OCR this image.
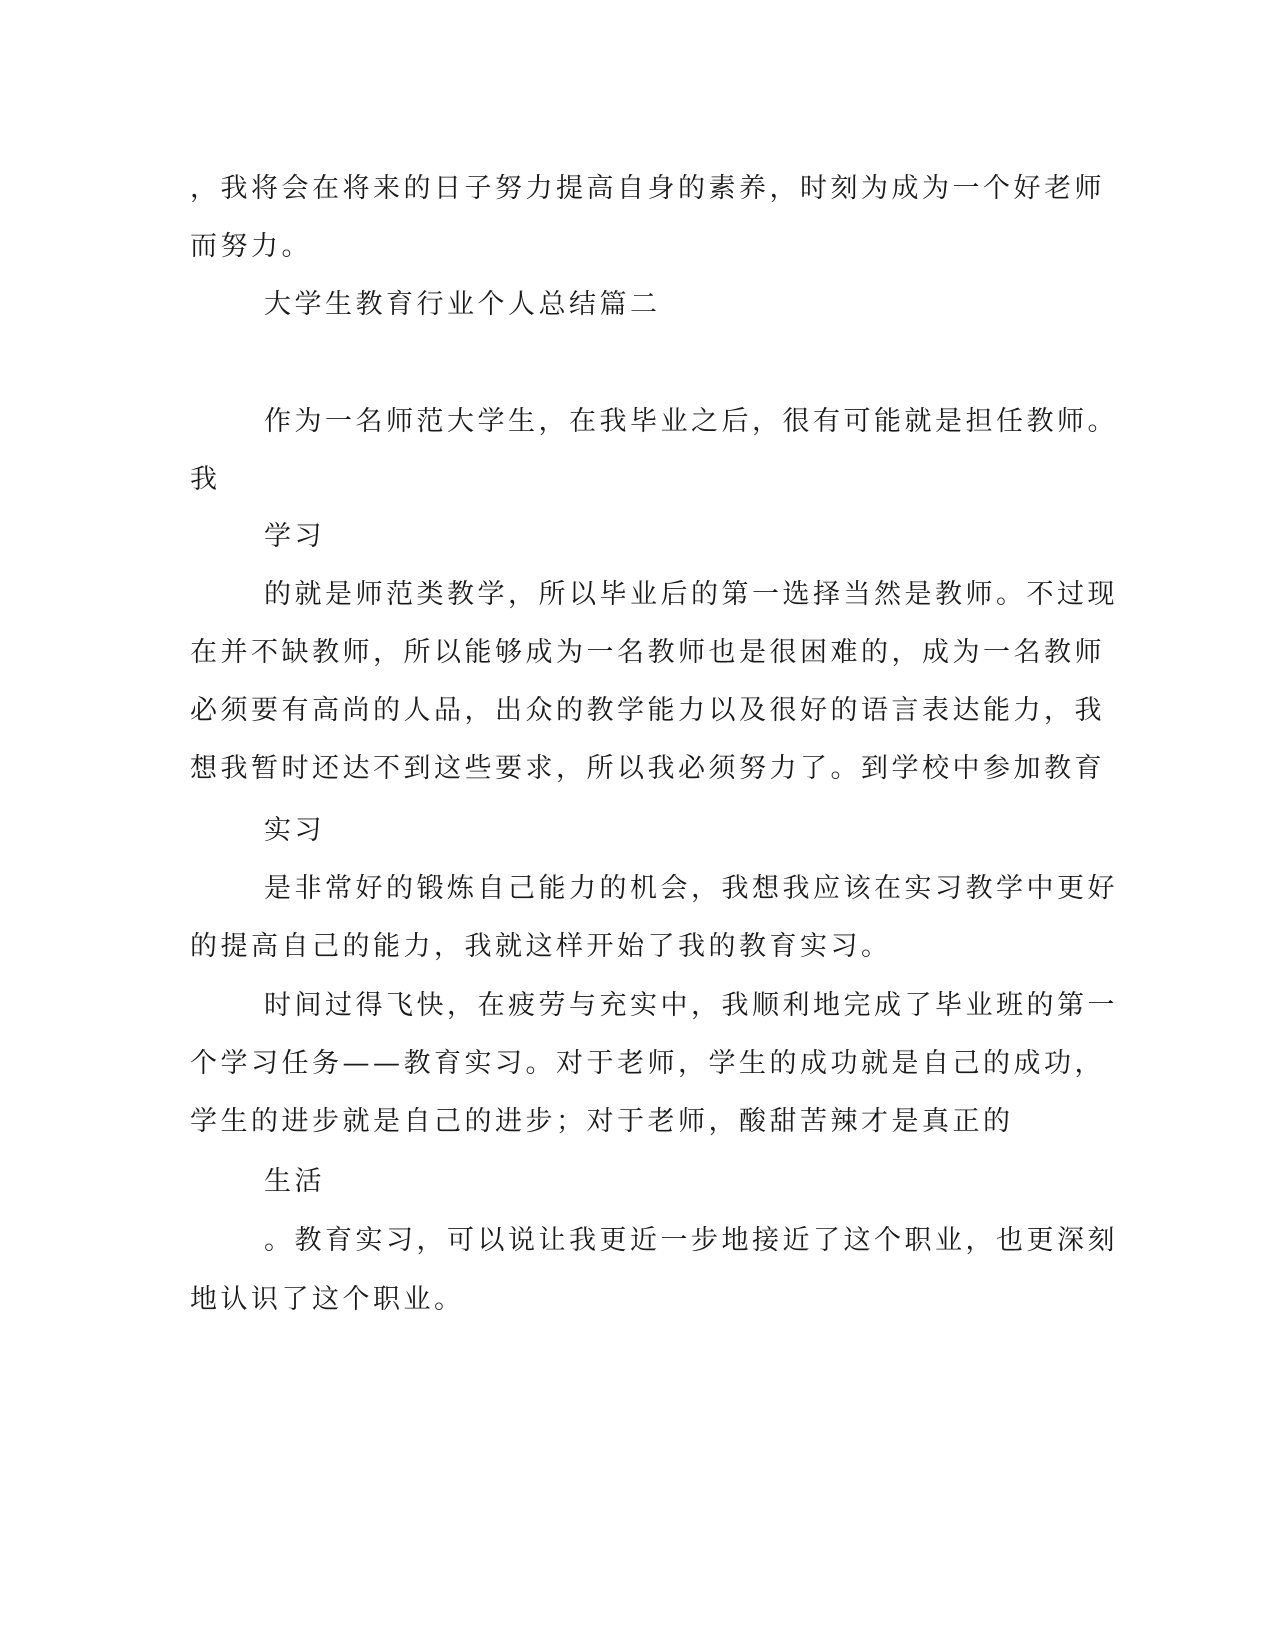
，我将会在将来的日子努力提高自身的素养，时刻为成为一个好老师
而努力。
大学生教育行业个人总结篇二
作为一名师范大学生，在我毕业之后，很有可能就是担任教师。
我
学习
的就是师范类教学，所以毕业后的第一选择当然是教师。不过现
在并不缺教师，所以能够成为一名教师也是很困难的，成为一名教师
必须要有高尚的人品，出众的教学能力以及很好的语言表达能力，我
想我暂时还达不到这些要求，所以我必须努力了。到学校中参加教育
实习
是非常好的锻炼自己能力的机会，我想我应该在实习教学中更好
的提高自己的能力，我就这样开始了我的教育实习。
时间过得飞快，在疲劳与充实中，我顺利地完成了毕业班的第一
个学习任务——教育实习。对于老师，学生的成功就是自己的成功，
学生的进步就是自己的进步；对于老师，酸甜苦辣才是真正的
生活
。教育实习，可以说让我更近一步地接近了这个职业，也更深刻
地认识了这个职业。
